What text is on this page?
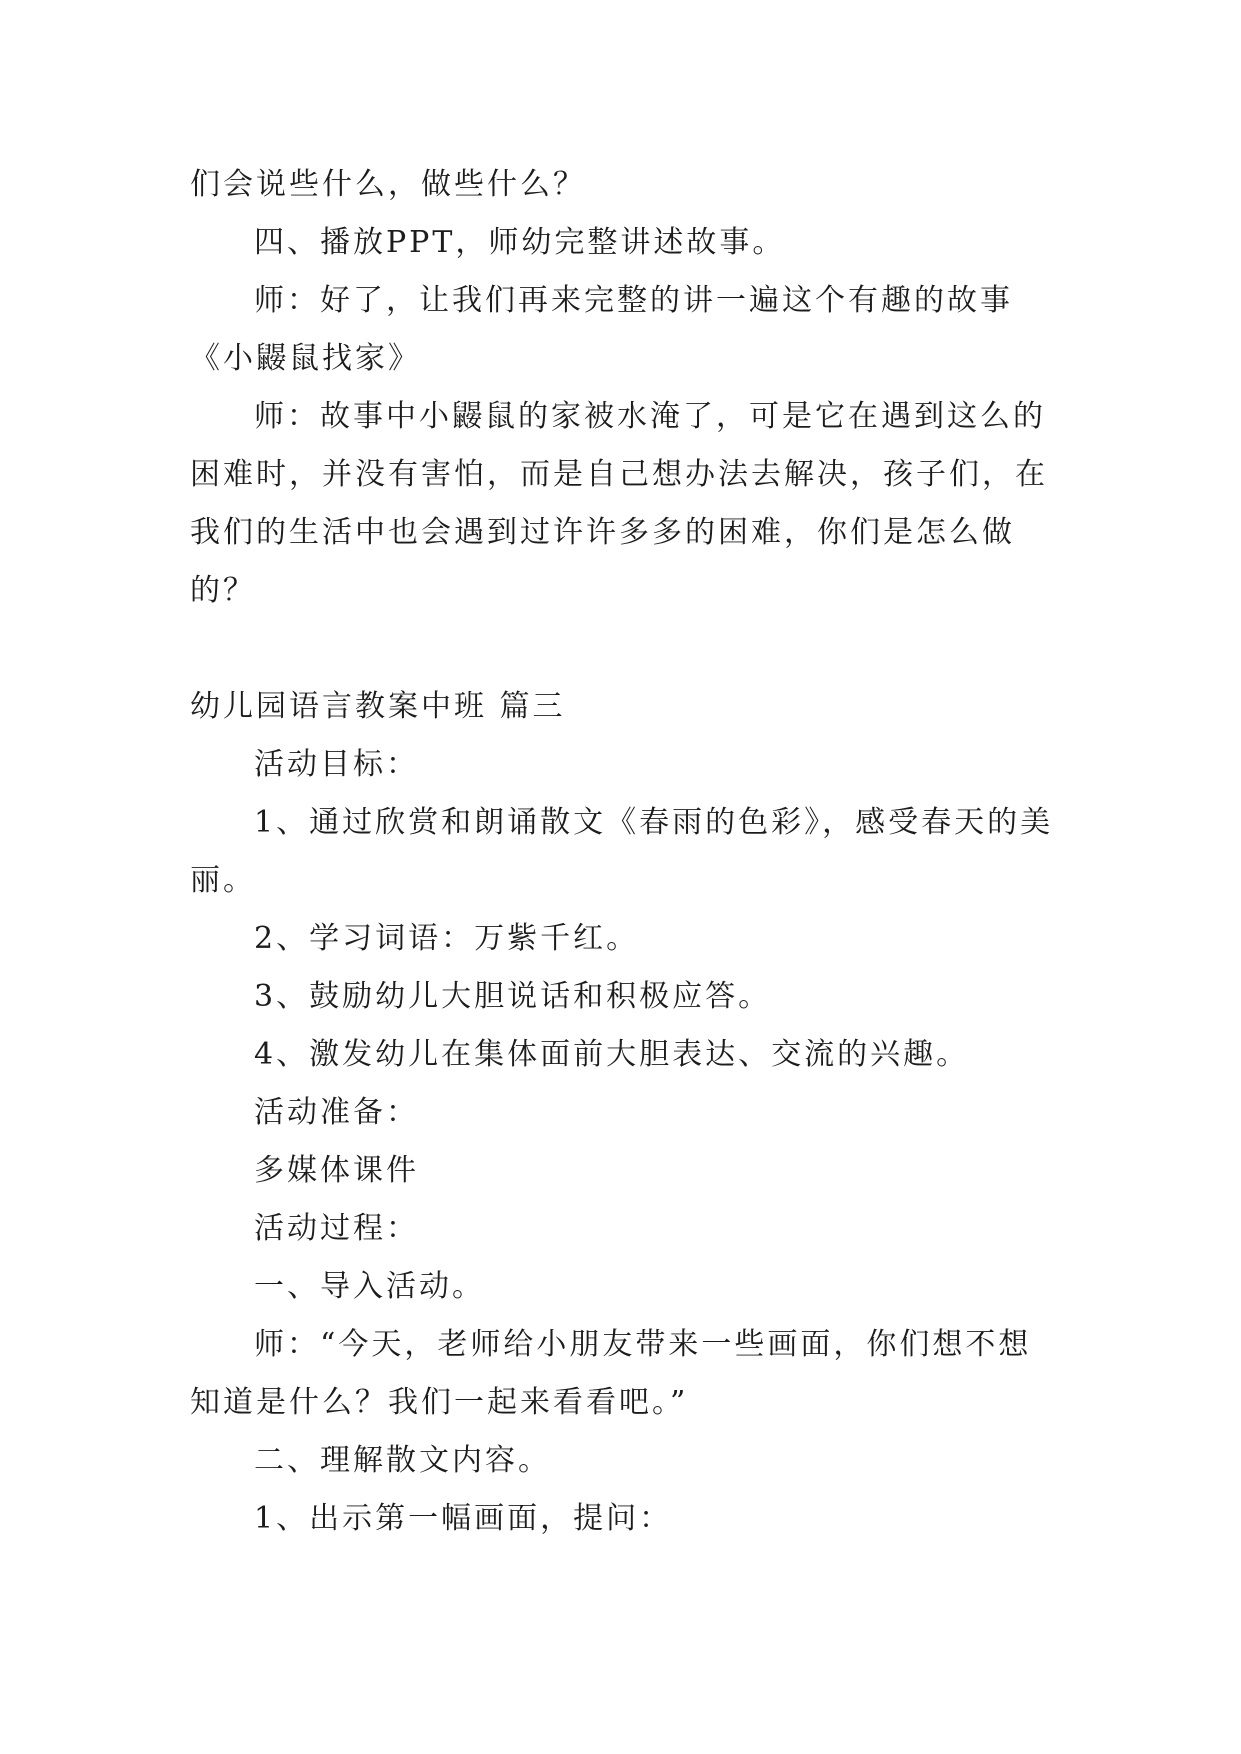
们会说些什么，做些什么？
四、播放PPT，师幼完整讲述故事。
师：好了，让我们再来完整的讲一遍这个有趣的故事
《小鼹鼠找家》
师：故事中小鼹鼠的家被水淹了，可是它在遇到这么的
困难时，并没有害怕，而是自己想办法去解决，孩子们，在
我们的生活中也会遇到过许许多多的困难，你们是怎么做
的？
幼儿园语言教案中班 篇三
活动目标：
1、通过欣赏和朗诵散文《春雨的色彩》，感受春天的美
丽。
2、学习词语：万紫千红。
3、鼓励幼儿大胆说话和积极应答。
4、激发幼儿在集体面前大胆表达、交流的兴趣。
活动准备：
多媒体课件
活动过程：
一、导入活动。
师：“今天，老师给小朋友带来一些画面，你们想不想
知道是什么？我们一起来看看吧。”
二、理解散文内容。
1、出示第一幅画面，提问：
